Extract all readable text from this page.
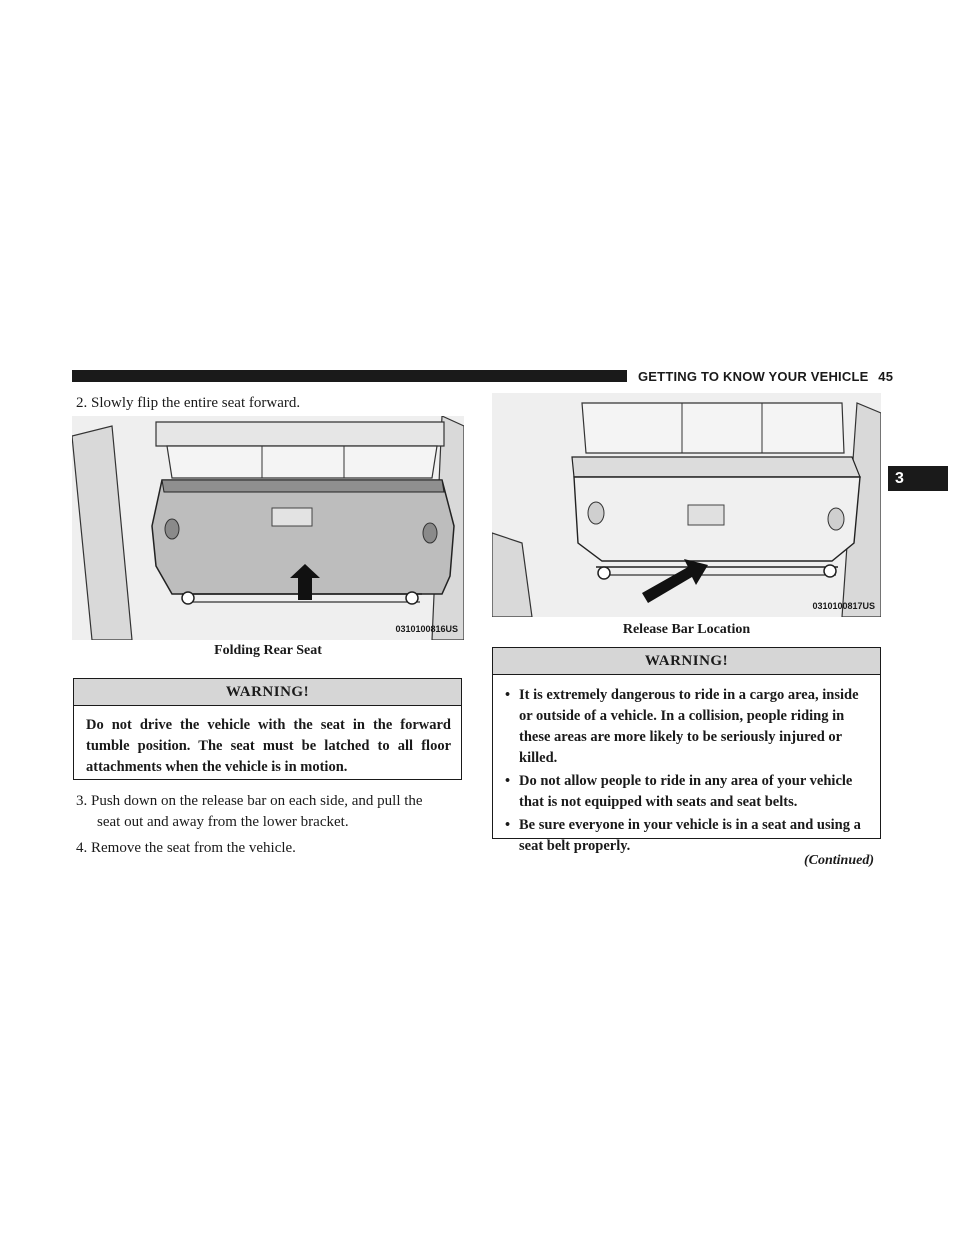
GETTING TO KNOW YOUR VEHICLE 45
3
2. Slowly flip the entire seat forward.
0310100816US
Folding Rear Seat
WARNING!
Do not drive the vehicle with the seat in the forward tumble position. The seat must be latched to all floor attachments when the vehicle is in motion.
3. Push down on the release bar on each side, and pull the
seat out and away from the lower bracket.
4. Remove the seat from the vehicle.
0310100817US
Release Bar Location
WARNING!
• It is extremely dangerous to ride in a cargo area, inside or outside of a vehicle. In a collision, people riding in these areas are more likely to be seriously injured or killed.
• Do not allow people to ride in any area of your vehicle that is not equipped with seats and seat belts.
• Be sure everyone in your vehicle is in a seat and using a seat belt properly.
(Continued)
